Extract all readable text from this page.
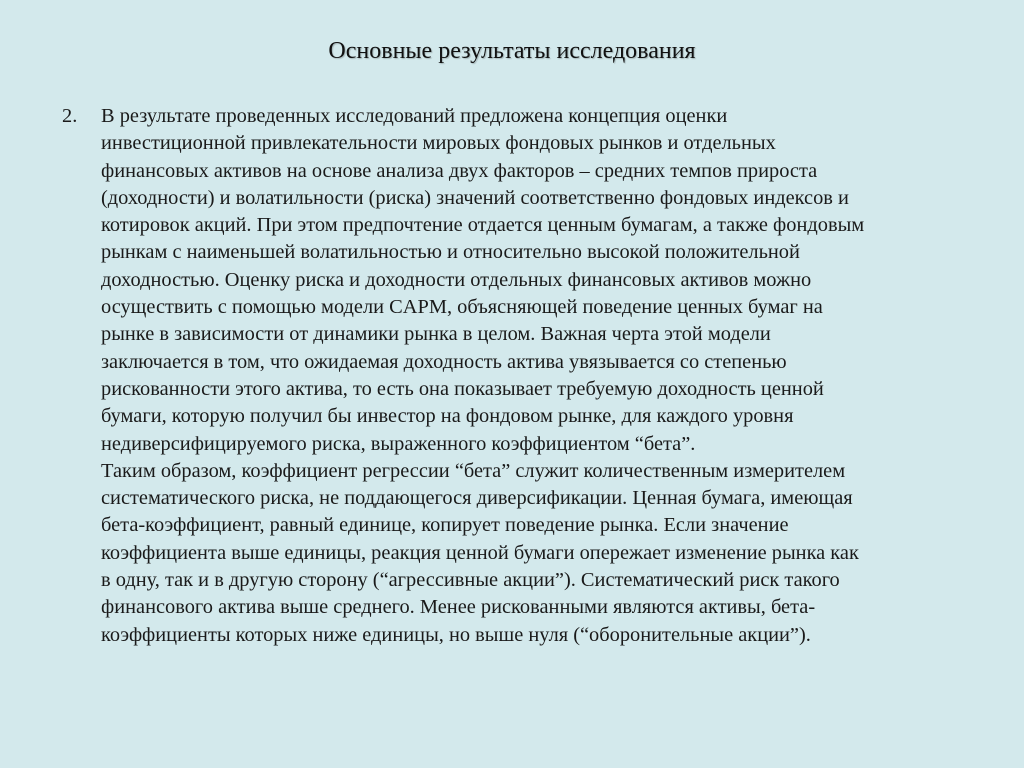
Основные результаты исследования
2.	В результате проведенных исследований предложена концепция оценки
инвестиционной привлекательности мировых фондовых рынков и отдельных
финансовых активов на основе анализа двух факторов – средних темпов прироста
(доходности) и волатильности (риска) значений соответственно фондовых индексов и
котировок акций. При этом предпочтение отдается ценным бумагам, а также фондовым
рынкам с наименьшей волатильностью и относительно высокой положительной
доходностью. Оценку риска и доходности отдельных финансовых активов можно
осуществить с помощью модели CAPM, объясняющей поведение ценных бумаг на
рынке в зависимости от динамики рынка в целом. Важная черта этой модели
заключается в том, что ожидаемая доходность актива увязывается со степенью
рискованности этого актива, то есть она показывает требуемую доходность ценной
бумаги, которую получил бы инвестор на фондовом рынке, для каждого уровня
недиверсифицируемого риска, выраженного коэффициентом “бета”.
Таким образом, коэффициент регрессии “бета” служит количественным измерителем
систематического риска, не поддающегося диверсификации. Ценная бумага, имеющая
бета-коэффициент, равный единице, копирует поведение рынка. Если значение
коэффициента выше единицы, реакция ценной бумаги опережает изменение рынка как
в одну, так и в другую сторону (“агрессивные акции”). Систематический риск такого
финансового актива выше среднего. Менее рискованными являются активы, бета-
коэффициенты которых ниже единицы, но выше нуля (“оборонительные акции”).
